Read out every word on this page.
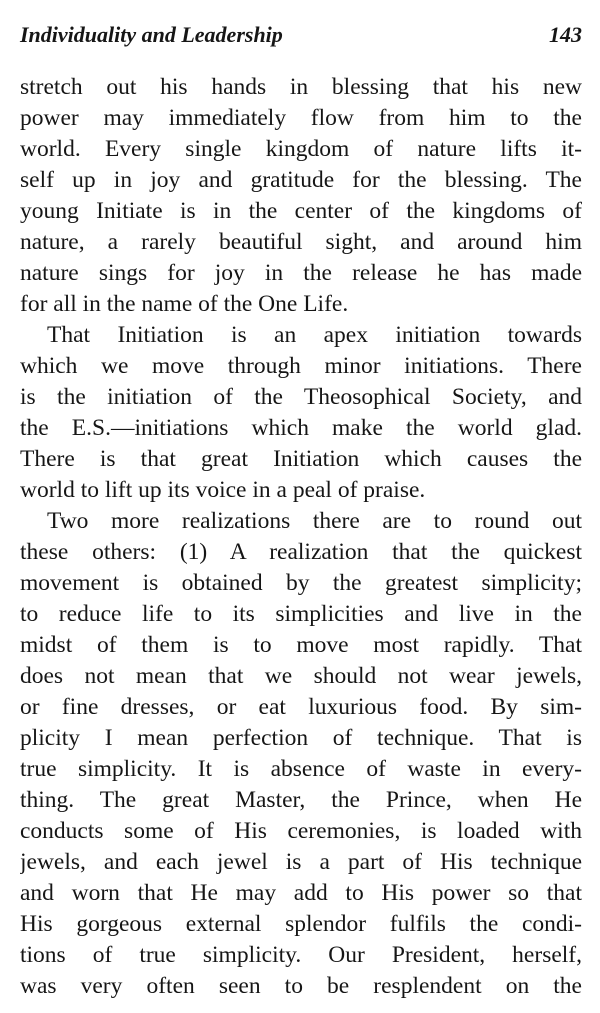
Individuality and Leadership	143

stretch out his hands in blessing that his new
power may immediately flow from him to the
world. Every single kingdom of nature lifts it-
self up in joy and gratitude for the blessing. The
young Initiate is in the center of the kingdoms of
nature, a rarely beautiful sight, and around him
nature sings for joy in the release he has made
for all in the name of the One Life.

That Initiation is an apex initiation towards
which we move through minor initiations. There
is the initiation of the Theosophical Society, and
the E.S.—initiations which make the world glad.
There is that great Initiation which causes the
world to lift up its voice in a peal of praise.

Two more realizations there are to round out
these others: (1) A realization that the quickest
movement is obtained by the greatest simplicity;
to reduce life to its simplicities and live in the
midst of them is to move most rapidly. That
does not mean that we should not wear jewels,
or fine dresses, or eat luxurious food. By sim-
plicity I mean perfection of technique. That is
true simplicity. It is absence of waste in every-
thing. The great Master, the Prince, when He
conducts some of His ceremonies, is loaded with
jewels, and each jewel is a part of His technique
and worn that He may add to His power so that
His gorgeous external splendor fulfils the condi-
tions of true simplicity. Our President, herself,
was very often seen to be resplendent on the
